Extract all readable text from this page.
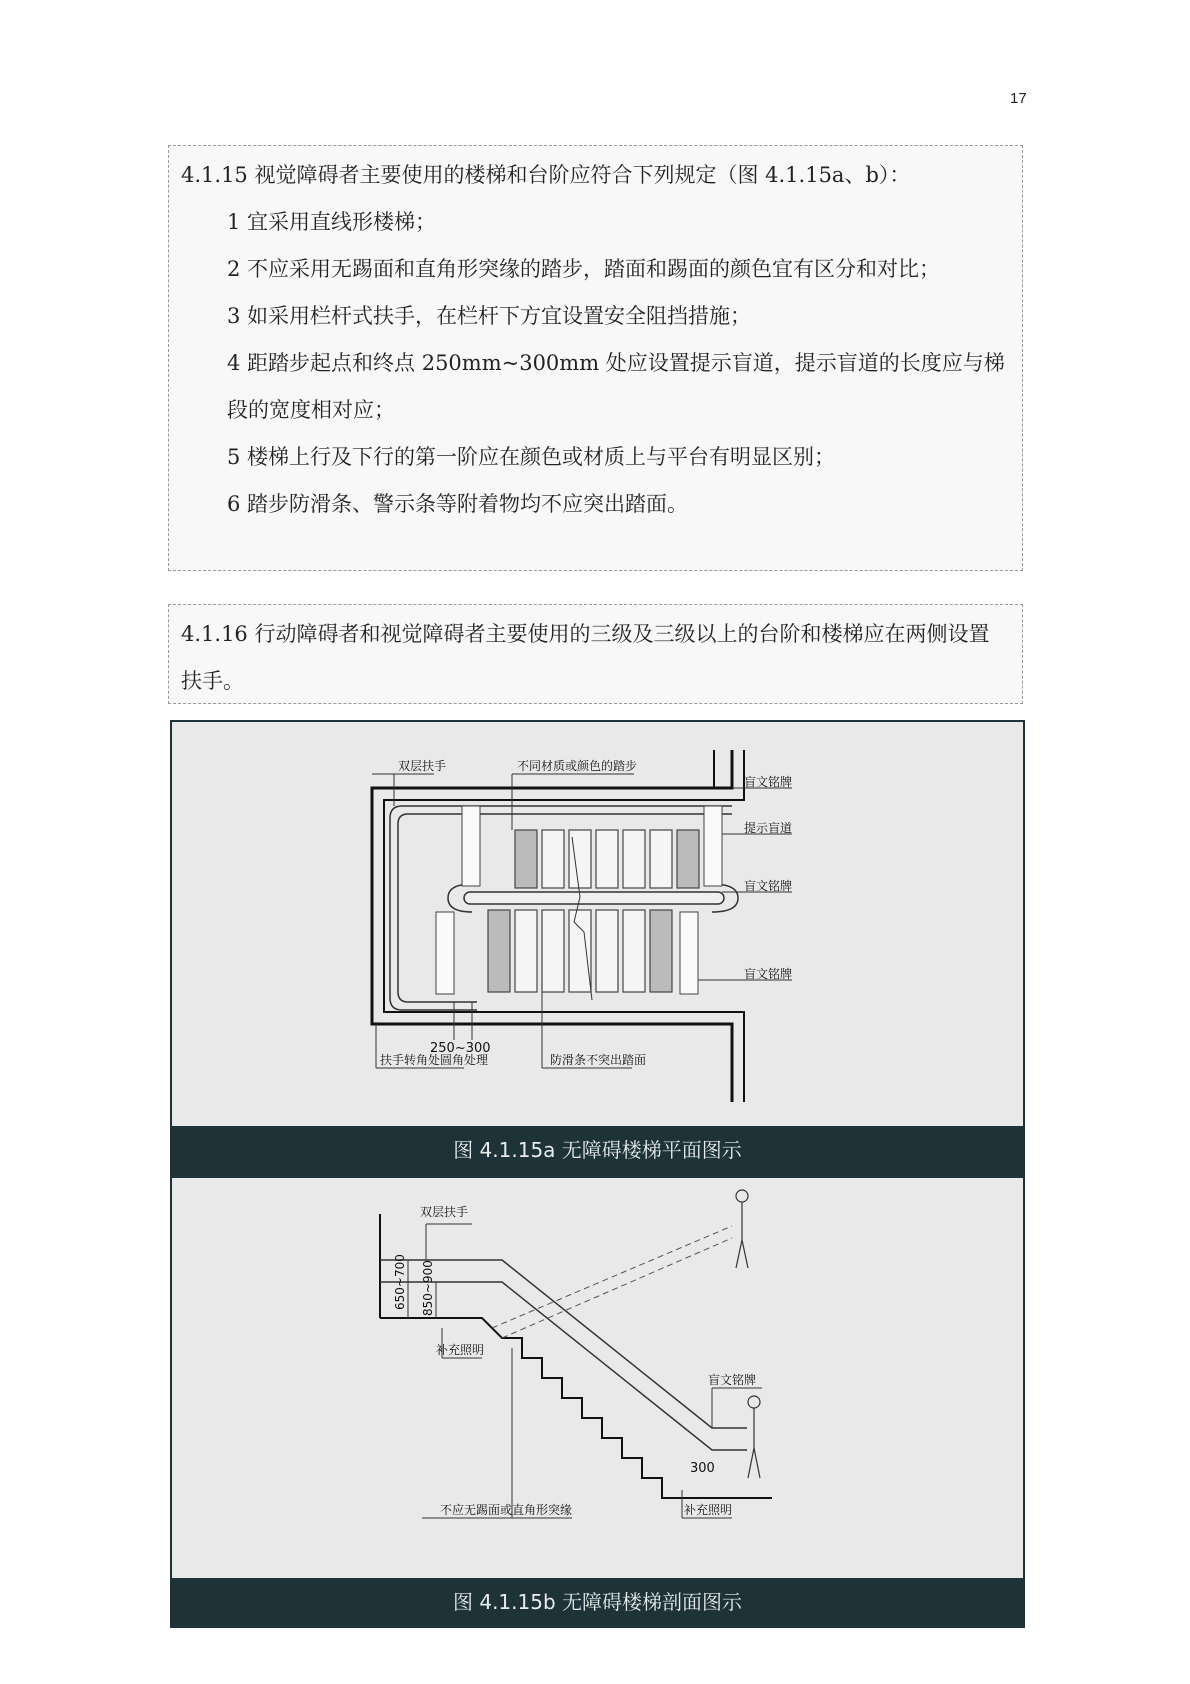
17
4.1.15 视觉障碍者主要使用的楼梯和台阶应符合下列规定（图 4.1.15a、b）：
1 宜采用直线形楼梯；
2 不应采用无踢面和直角形突缘的踏步，踏面和踢面的颜色宜有区分和对比；
3 如采用栏杆式扶手，在栏杆下方宜设置安全阻挡措施；
4 距踏步起点和终点 250mm~300mm 处应设置提示盲道，提示盲道的长度应与梯段的宽度相对应；
5 楼梯上行及下行的第一阶应在颜色或材质上与平台有明显区别；
6 踏步防滑条、警示条等附着物均不应突出踏面。
4.1.16 行动障碍者和视觉障碍者主要使用的三级及三级以上的台阶和楼梯应在两侧设置扶手。
双层扶手	不同材质或颜色的踏步
盲文铭牌
提示盲道
盲文铭牌
盲文铭牌
250~300
扶手转角处圆角处理	防滑条不突出踏面
图 4.1.15a 无障碍楼梯平面图示
双层扶手
650~700 850~900
盲文铭牌
补充照明
300
不应无踢面或直角形突缘	补充照明
图 4.1.15b 无障碍楼梯剖面图示
